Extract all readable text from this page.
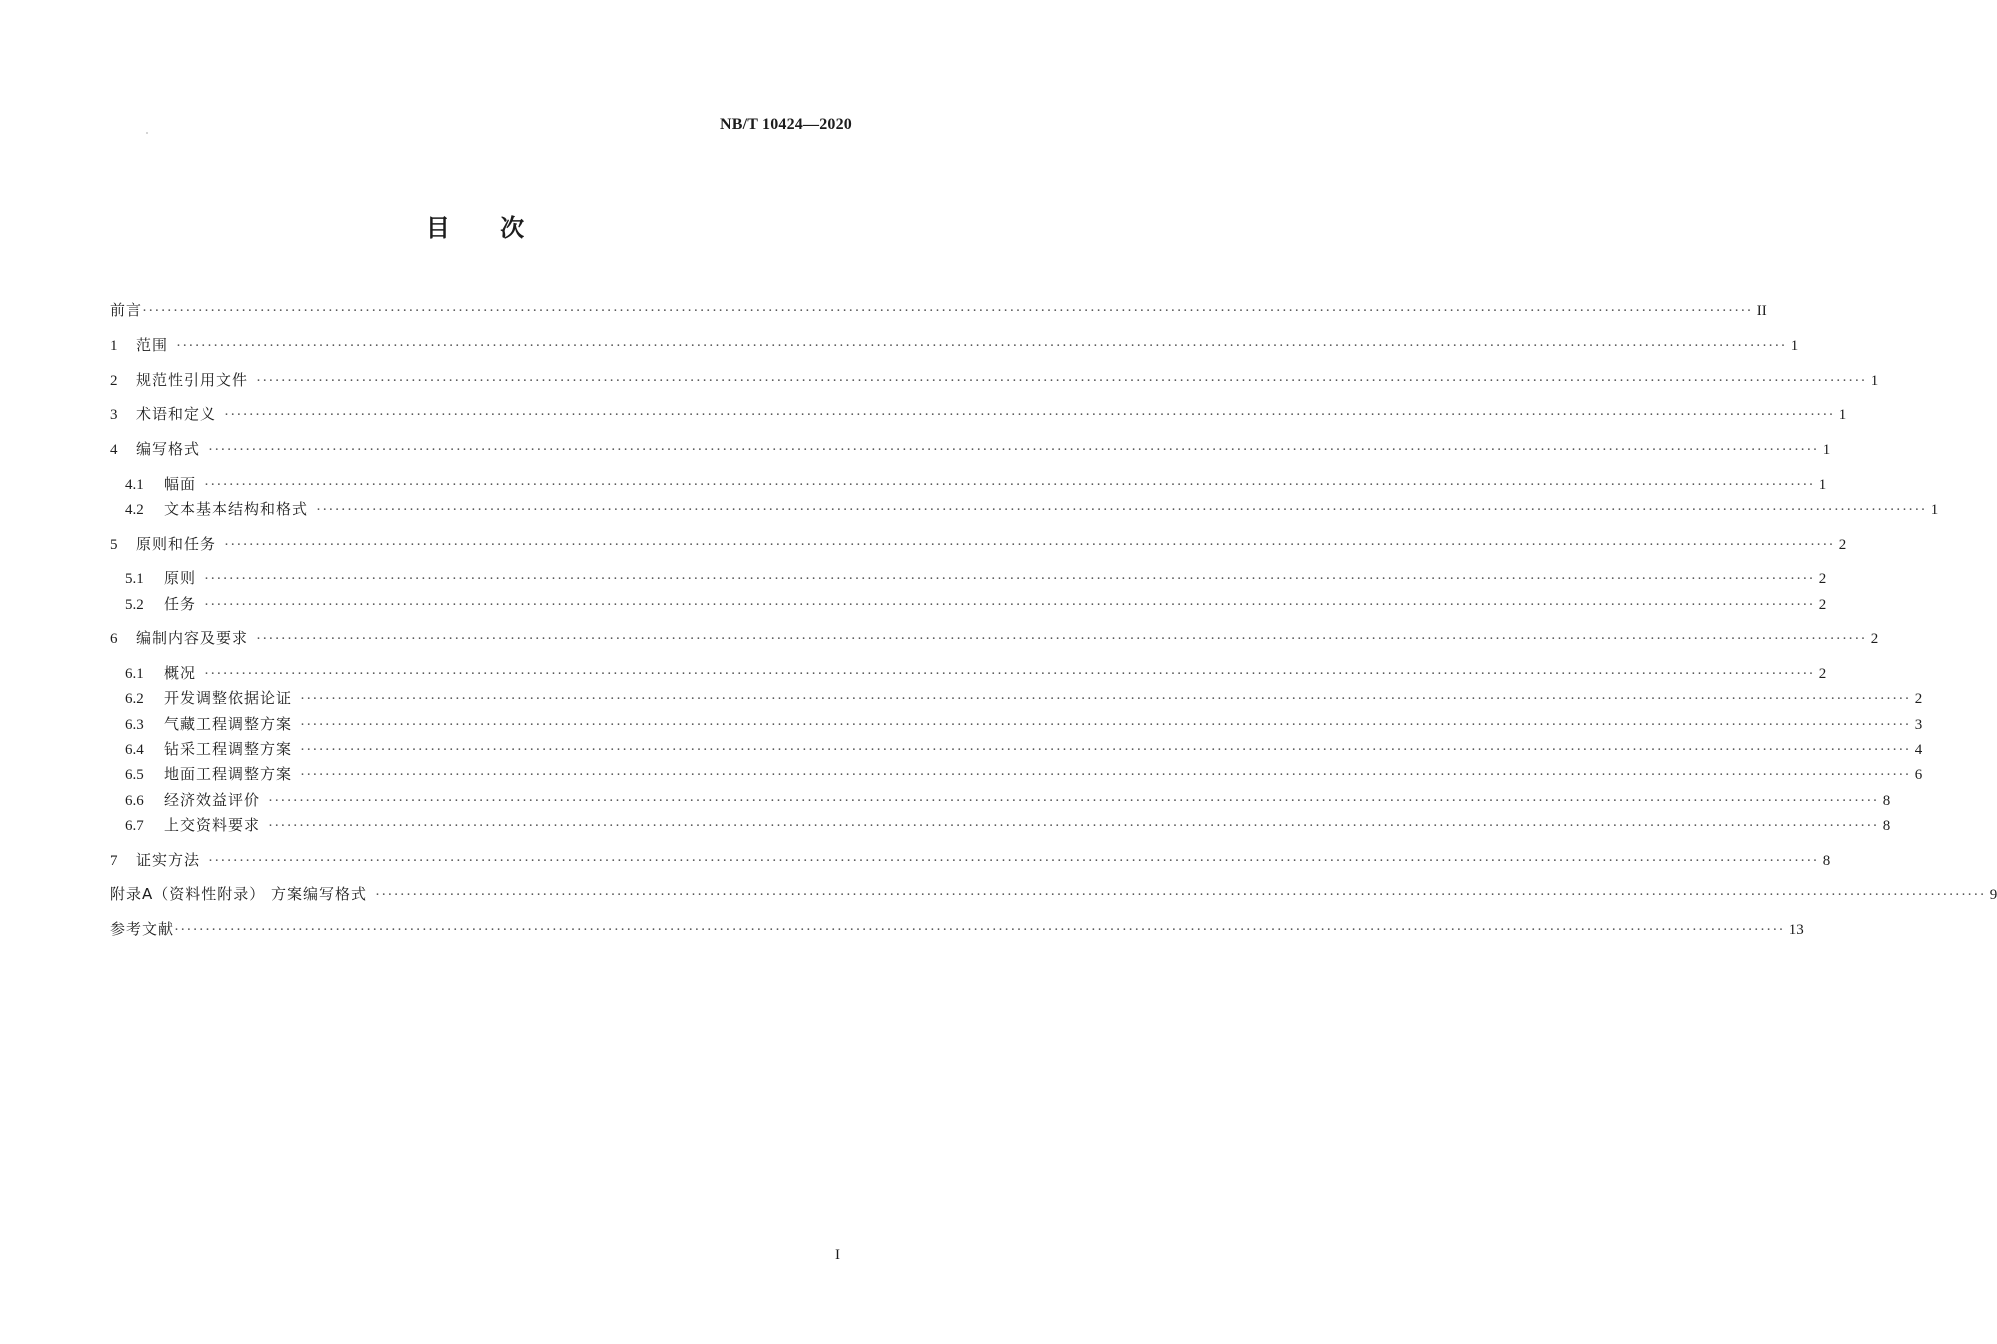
NB/T 10424—2020
目 次
前言 ···································································································································································································································································· II
1	范围 ···································································································································································································································································· 1
2	规范性引用文件 ···································································································································································································································································· 1
3	术语和定义 ···································································································································································································································································· 1
4	编写格式 ···································································································································································································································································· 1
4.1	幅面 ···································································································································································································································································· 1
4.2	文本基本结构和格式 ···································································································································································································································································· 1
5	原则和任务 ···································································································································································································································································· 2
5.1	原则 ···································································································································································································································································· 2
5.2	任务 ···································································································································································································································································· 2
6	编制内容及要求 ···································································································································································································································································· 2
6.1	概况 ···································································································································································································································································· 2
6.2	开发调整依据论证 ···································································································································································································································································· 2
6.3	气藏工程调整方案 ···································································································································································································································································· 3
6.4	钻采工程调整方案 ···································································································································································································································································· 4
6.5	地面工程调整方案 ···································································································································································································································································· 6
6.6	经济效益评价 ···································································································································································································································································· 8
6.7	上交资料要求 ···································································································································································································································································· 8
7	证实方法 ···································································································································································································································································· 8
附录A（资料性附录） 方案编写格式 ···································································································································································································································································· 9
参考文献 ···································································································································································································································································· 13
I
